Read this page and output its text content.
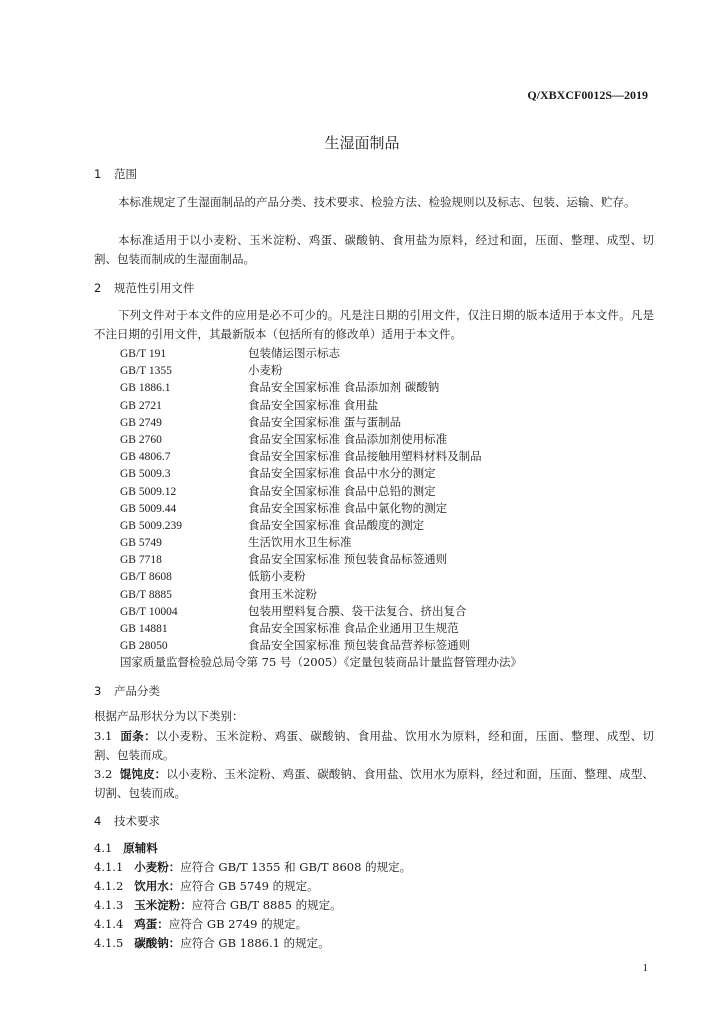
Q/XBXCF0012S—2019
生湿面制品
1 范围
本标准规定了生湿面制品的产品分类、技术要求、检验方法、检验规则以及标志、包装、运输、贮存。
本标准适用于以小麦粉、玉米淀粉、鸡蛋、碳酸钠、食用盐为原料，经过和面，压面、整理、成型、切割、包装而制成的生湿面制品。
2 规范性引用文件
下列文件对于本文件的应用是必不可少的。凡是注日期的引用文件，仅注日期的版本适用于本文件。凡是不注日期的引用文件，其最新版本（包括所有的修改单）适用于本文件。
GB/T 191	包装储运图示标志
GB/T 1355	小麦粉
GB 1886.1	食品安全国家标准 食品添加剂 碳酸钠
GB 2721	食品安全国家标准 食用盐
GB 2749	食品安全国家标准 蛋与蛋制品
GB 2760	食品安全国家标准 食品添加剂使用标准
GB 4806.7	食品安全国家标准 食品接触用塑料材料及制品
GB 5009.3	食品安全国家标准 食品中水分的测定
GB 5009.12	食品安全国家标准 食品中总铅的测定
GB 5009.44	食品安全国家标准 食品中氯化物的测定
GB 5009.239	食品安全国家标准 食品酸度的测定
GB 5749	生活饮用水卫生标准
GB 7718	食品安全国家标准 预包装食品标签通则
GB/T 8608	低筋小麦粉
GB/T 8885	食用玉米淀粉
GB/T 10004	包装用塑料复合膜、袋干法复合、挤出复合
GB 14881	食品安全国家标准 食品企业通用卫生规范
GB 28050	食品安全国家标准 预包装食品营养标签通则
国家质量监督检验总局令第 75 号（2005）《定量包装商品计量监督管理办法》
3 产品分类
根据产品形状分为以下类别：
3.1 面条：以小麦粉、玉米淀粉、鸡蛋、碳酸钠、食用盐、饮用水为原料，经和面，压面、整理、成型、切割、包装而成。
3.2 馄饨皮：以小麦粉、玉米淀粉、鸡蛋、碳酸钠、食用盐、饮用水为原料，经过和面，压面、整理、成型、切割、包装而成。
4 技术要求
4.1 原辅料
4.1.1 小麦粉：应符合 GB/T 1355 和 GB/T 8608 的规定。
4.1.2 饮用水：应符合 GB 5749 的规定。
4.1.3 玉米淀粉：应符合 GB/T 8885 的规定。
4.1.4 鸡蛋：应符合 GB 2749 的规定。
4.1.5 碳酸钠：应符合 GB 1886.1 的规定。
1
